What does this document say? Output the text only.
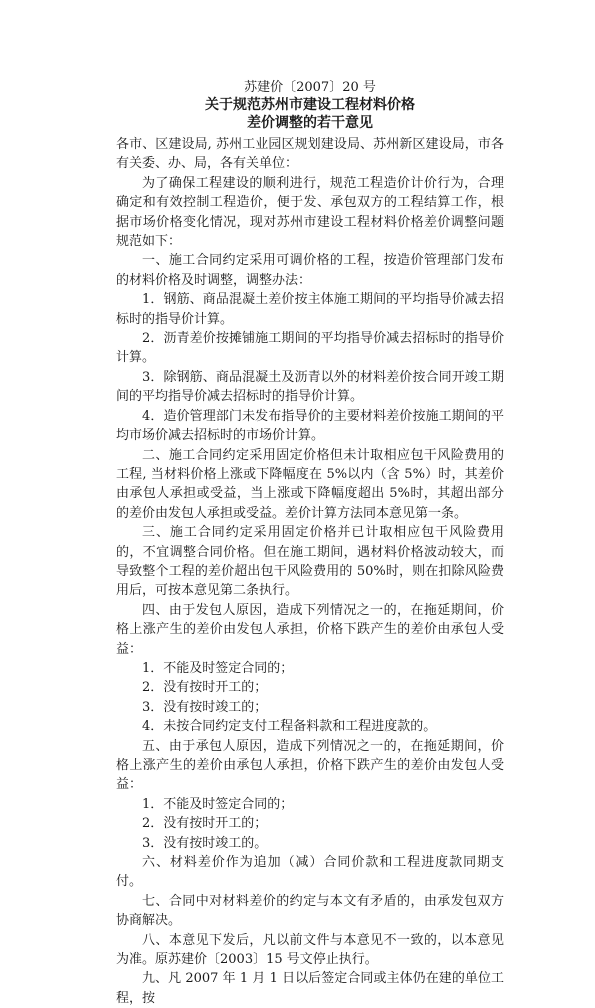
苏建价〔2007〕20 号
关于规范苏州市建设工程材料价格
差价调整的若干意见

各市、区建设局, 苏州工业园区规划建设局、苏州新区建设局，市各有关委、办、局，各有关单位：

为了确保工程建设的顺利进行，规范工程造价计价行为，合理确定和有效控制工程造价，便于发、承包双方的工程结算工作，根据市场价格变化情况，现对苏州市建设工程材料价格差价调整问题规范如下：

一、施工合同约定采用可调价格的工程，按造价管理部门发布的材料价格及时调整，调整办法：

1．钢筋、商品混凝土差价按主体施工期间的平均指导价减去招标时的指导价计算。

2．沥青差价按摊铺施工期间的平均指导价减去招标时的指导价计算。

3．除钢筋、商品混凝土及沥青以外的材料差价按合同开竣工期间的平均指导价减去招标时的指导价计算。

4．造价管理部门未发布指导价的主要材料差价按施工期间的平均市场价减去招标时的市场价计算。

二、施工合同约定采用固定价格但未计取相应包干风险费用的工程, 当材料价格上涨或下降幅度在 5%以内（含 5%）时，其差价由承包人承担或受益，当上涨或下降幅度超出 5%时，其超出部分的差价由发包人承担或受益。差价计算方法同本意见第一条。

三、施工合同约定采用固定价格并已计取相应包干风险费用的，不宜调整合同价格。但在施工期间，遇材料价格波动较大，而导致整个工程的差价超出包干风险费用的 50%时，则在扣除风险费用后，可按本意见第二条执行。

四、由于发包人原因，造成下列情况之一的，在拖延期间，价格上涨产生的差价由发包人承担，价格下跌产生的差价由承包人受益：

1．不能及时签定合同的；

2．没有按时开工的；

3．没有按时竣工的；

4．未按合同约定支付工程备料款和工程进度款的。

五、由于承包人原因，造成下列情况之一的，在拖延期间，价格上涨产生的差价由承包人承担，价格下跌产生的差价由发包人受益：

1．不能及时签定合同的；

2．没有按时开工的；

3．没有按时竣工的。

六、材料差价作为追加（减）合同价款和工程进度款同期支付。

七、合同中对材料差价的约定与本文有矛盾的，由承发包双方协商解决。

八、本意见下发后，凡以前文件与本意见不一致的，以本意见为准。原苏建价〔2003〕15 号文停止执行。

九、凡 2007 年 1 月 1 日以后签定合同或主体仍在建的单位工程，按
